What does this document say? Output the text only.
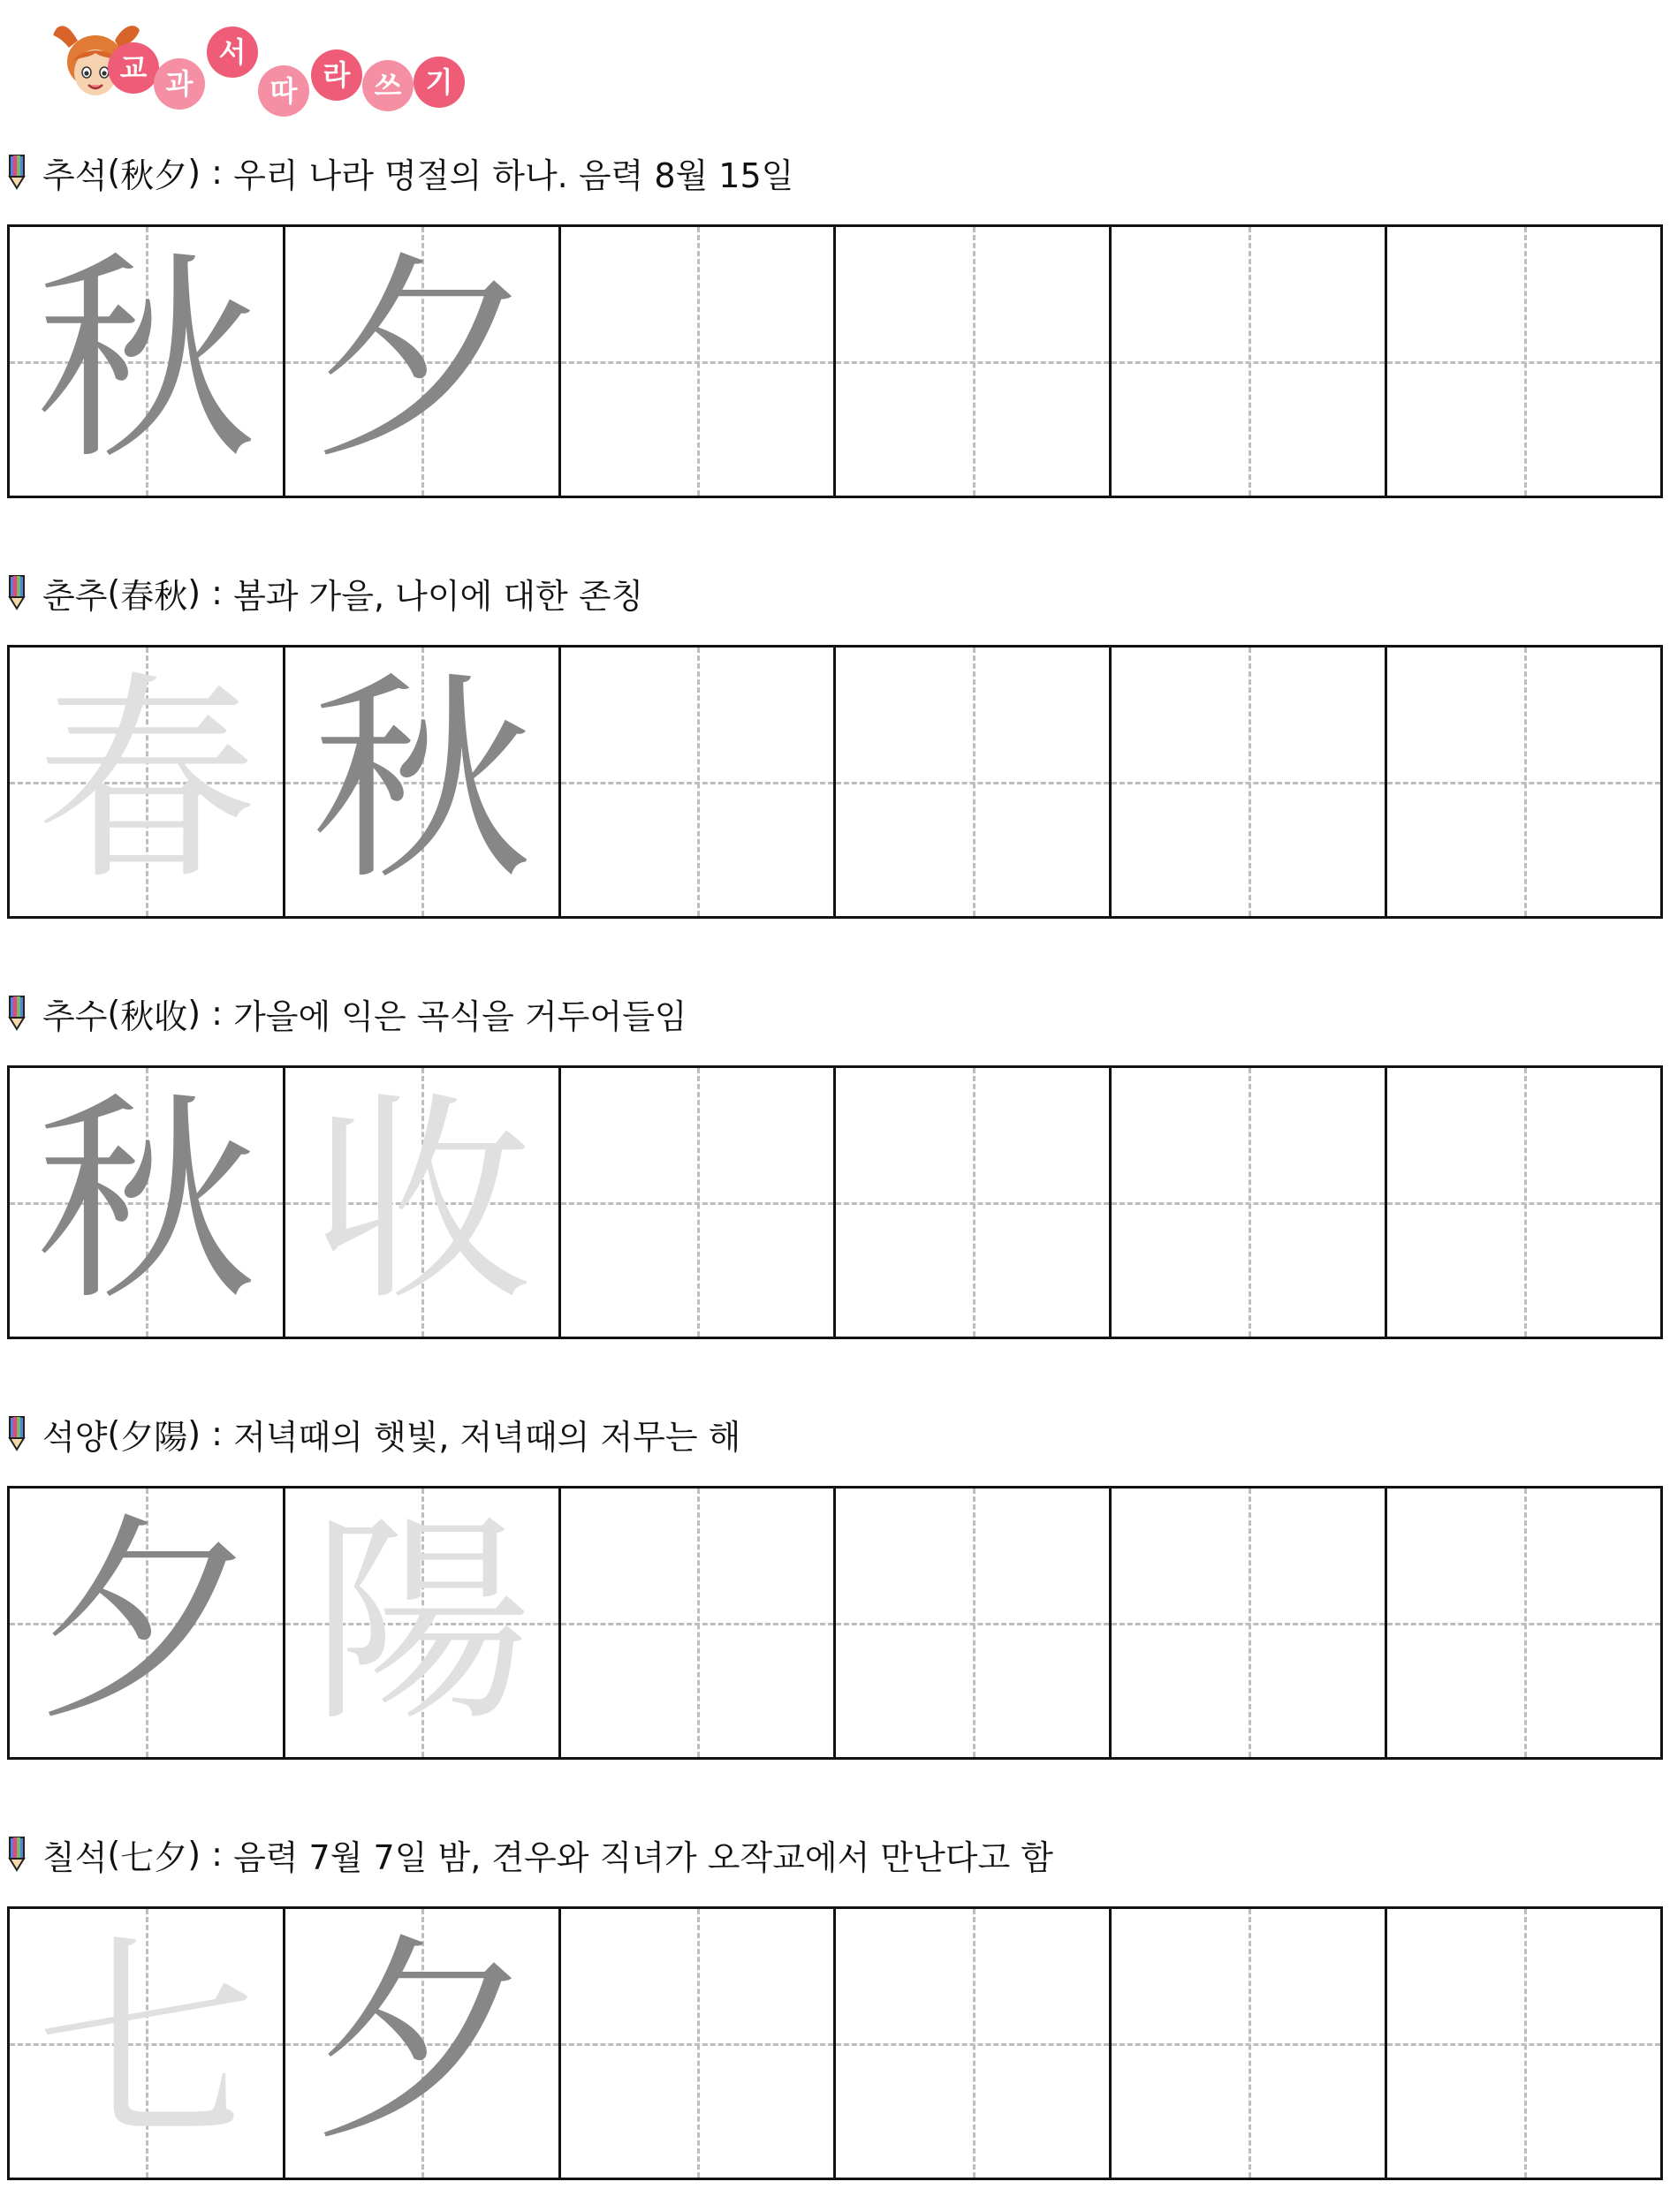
교 과
서
따 라 쓰 기
추석 ( 秋夕 ) : 우리 나라 명절의 하나. 음력 8월 15일
秋 夕
춘추 ( 春秋 ) : 봄과 가을, 나이에 대한 존칭
春 秋
추수 ( 秋收 ) : 가을에 익은 곡식을 거두어들임
秋 收
석양 ( 夕陽 ) : 저녁때의 햇빛, 저녁때의 저무는 해
夕 陽
칠석 ( 七夕 ) : 음력 7월 7일 밤, 견우와 직녀가 오작교에서 만난다고 함
七 夕
